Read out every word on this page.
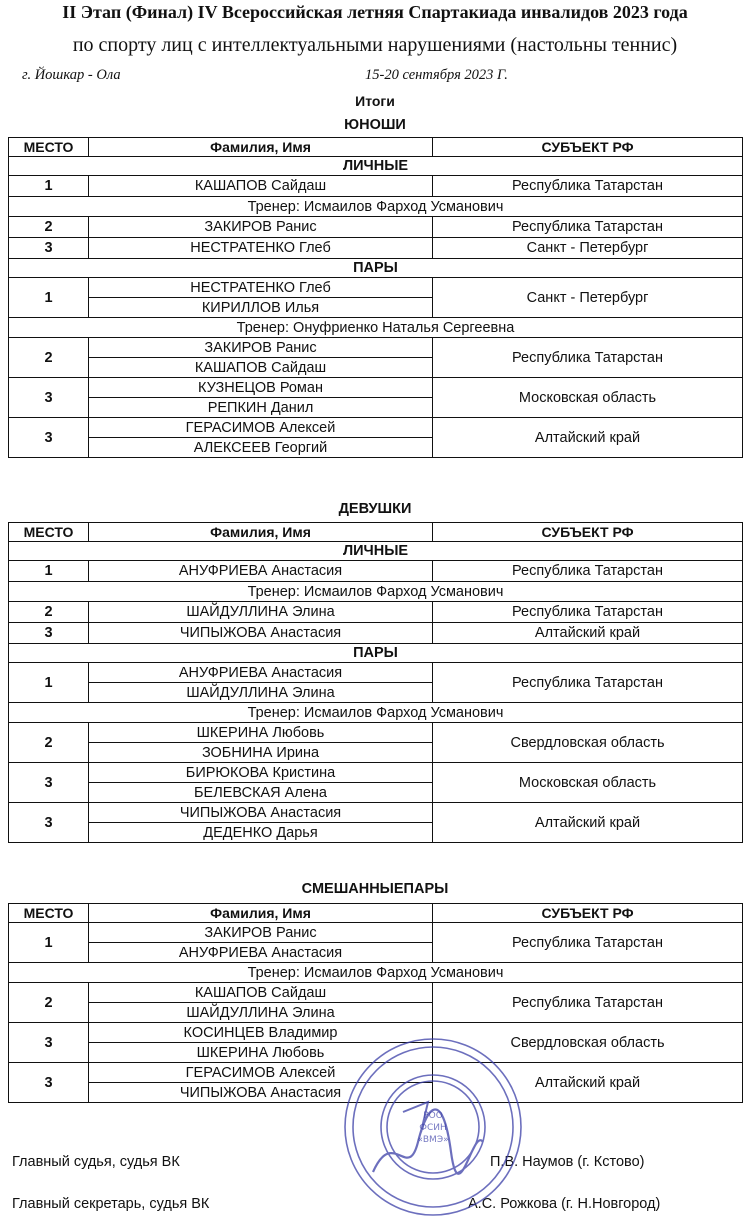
II Этап (Финал) IV Всероссийская летняя Спартакиада инвалидов 2023 года
по спорту лиц с интеллектуальными нарушениями (настольны теннис)
г. Йошкар - Ола	15-20 сентября 2023 Г.
Итоги
ЮНОШИ
МЕСТО	Фамилия, Имя	СУБЪЕКТ РФ
ЛИЧНЫЕ		
1	КАШАПОВ Сайдаш	Республика Татарстан
Тренер: Исмаилов Фарход Усманович		
2	ЗАКИРОВ Ранис	Республика Татарстан
3	НЕСТРАТЕНКО Глеб	Санкт - Петербург
ПАРЫ		
1	НЕСТРАТЕНКО Глеб	Санкт - Петербург
	КИРИЛЛОВ Илья	
Тренер: Онуфриенко Наталья Сергеевна		
2	ЗАКИРОВ Ранис	Республика Татарстан
	КАШАПОВ Сайдаш	
3	КУЗНЕЦОВ Роман	Московская область
	РЕПКИН Данил	
3	ГЕРАСИМОВ Алексей	Алтайский край
	АЛЕКСЕЕВ Георгий	
ДЕВУШКИ
МЕСТО	Фамилия, Имя	СУБЪЕКТ РФ
ЛИЧНЫЕ		
1	АНУФРИЕВА Анастасия	Республика Татарстан
Тренер: Исмаилов Фарход Усманович		
2	ШАЙДУЛЛИНА Элина	Республика Татарстан
3	ЧИПЫЖОВА Анастасия	Алтайский край
ПАРЫ		
1	АНУФРИЕВА Анастасия	Республика Татарстан
	ШАЙДУЛЛИНА Элина	
Тренер: Исмаилов Фарход Усманович		
2	ШКЕРИНА Любовь	Свердловская область
	ЗОБНИНА Ирина	
3	БИРЮКОВА Кристина	Московская область
	БЕЛЕВСКАЯ Алена	
3	ЧИПЫЖОВА Анастасия	Алтайский край
	ДЕДЕНКО Дарья	
СМЕШАННЫЕПАРЫ
МЕСТО	Фамилия, Имя	СУБЪЕКТ РФ
1	ЗАКИРОВ Ранис	Республика Татарстан
	АНУФРИЕВА Анастасия	
Тренер: Исмаилов Фарход Усманович		
2	КАШАПОВ Сайдаш	Республика Татарстан
	ШАЙДУЛЛИНА Элина	
3	КОСИНЦЕВ Владимир	Свердловская область
	ШКЕРИНА Любовь	
3	ГЕРАСИМОВ Алексей	Алтайский край
	ЧИПЫЖОВА Анастасия	
Главный судья, судья ВК	П.В. Наумов (г. Кстово)
Главный секретарь, судья ВК	А.С. Рожкова (г. Н.Новгород)
РОО
ФСИН
«ВМЭ»
